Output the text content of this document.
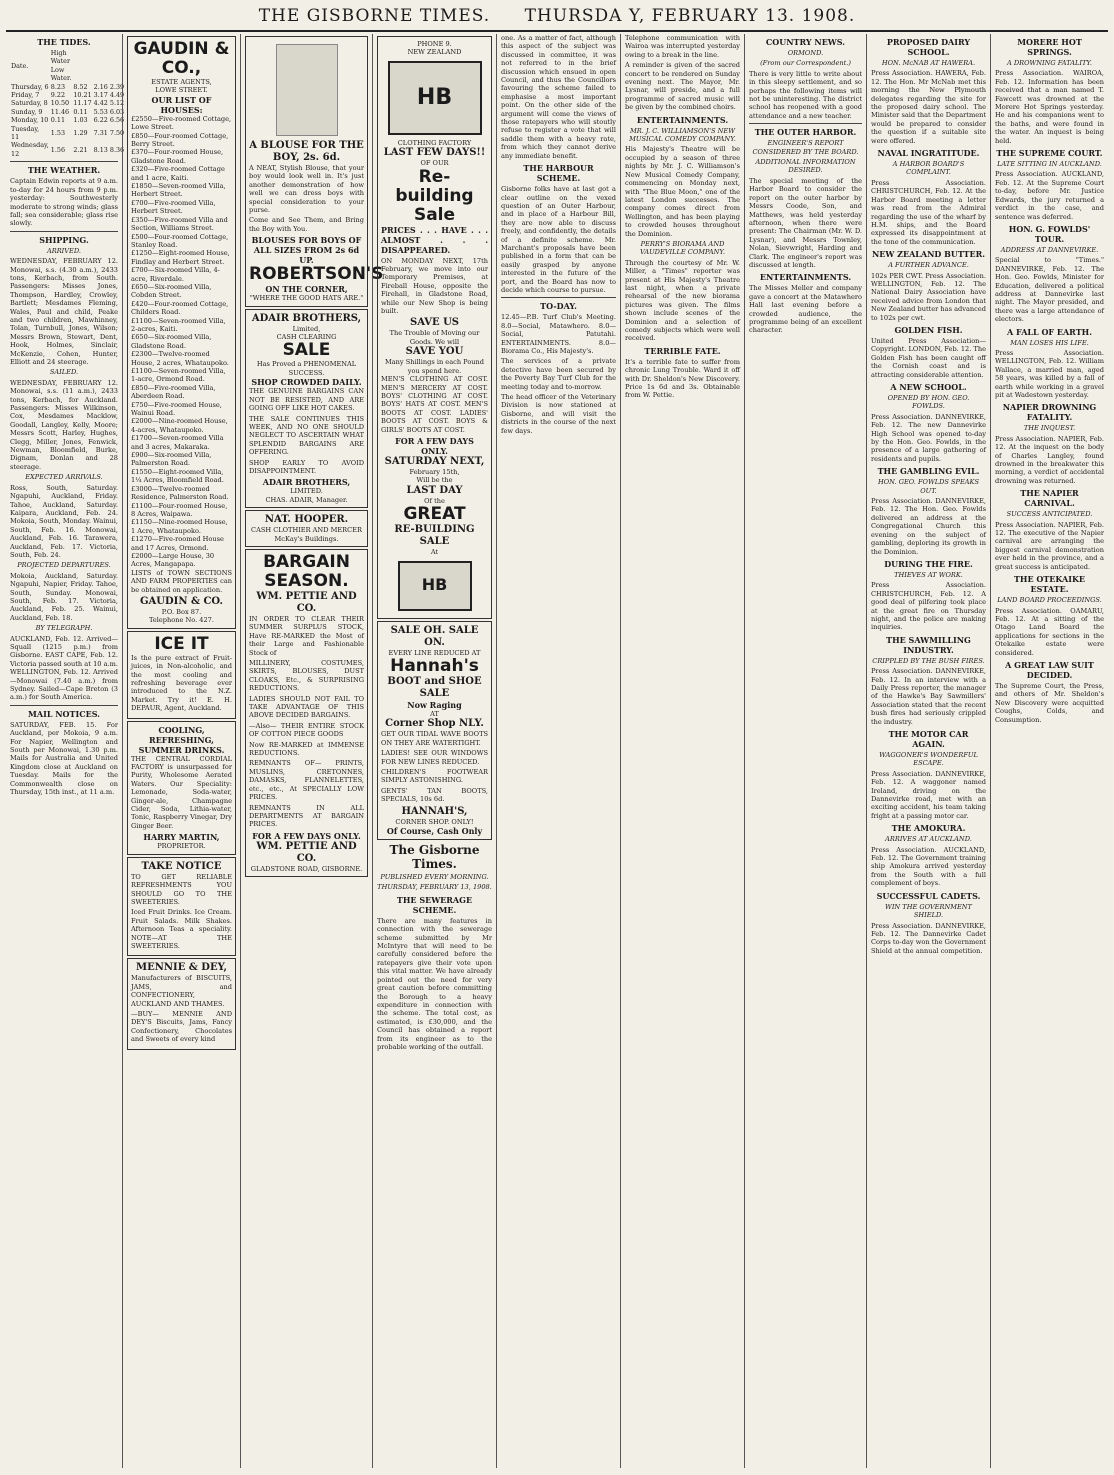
THE GISBORNE TIMES. THURSDA Y, FEBRUARY 13. 1908.
THE TIDES.
Date.	High Water Low Water.			
Thursday, 6	8.23	8.52	2.16	2.39
Friday, 7	9.22	10.21	3.17	4.49
Saturday, 8	10.50	11.17	4.42	5.12
Sunday, 9	11.46	0.11	5.53	6.03
Monday, 10	0.11	1.03	6.22	6.56
Tuesday, 11	1.53	1.29	7.31	7.50
Wednesday, 12	1.56	2.21	8.13	8.36
THE WEATHER.

Captain Edwin reports at 9 a.m. to-day for 24 hours from 9 p.m. yesterday: Southwesterly moderate to strong winds; glass fall; sea considerable; glass rise slowly.

SHIPPING.
ARRIVED.

WEDNESDAY, FEBRUARY 12. Monowai, s.s. (4.30 a.m.), 2433 tons, Kerbach, from South. Passengers: Misses Jones, Thompson, Hardley, Crowley, Bartlett; Mesdames Fleming, Wales, Paul and child, Peake and two children, Mawhinney, Tolan, Turnbull, Jones, Wilson; Messrs Brown, Stewart, Dent, Hook, Holmes, Sinclair, McKenzie, Cohen, Hunter, Elliott and 24 steerage.

SAILED.

WEDNESDAY, FEBRUARY 12. Monowai, s.s. (11 a.m.), 2433 tons, Kerbach, for Auckland. Passengers: Misses Wilkinson, Cox, Mesdames Macklow, Goodall, Langley, Kelly, Moore; Messrs Scott, Harley, Hughes, Clegg, Miller, Jones, Fenwick, Newman, Bloomfield, Burke, Dignam, Donlan and 28 steerage.

EXPECTED ARRIVALS.

Ross, South, Saturday. Ngapuhi, Auckland, Friday. Tahoe, Auckland, Saturday. Kaipara, Auckland, Feb. 24. Mokoia, South, Monday. Wainui, South, Feb. 16. Monowai, Auckland, Feb. 16. Tarawera, Auckland, Feb. 17. Victoria, South, Feb. 24.

PROJECTED DEPARTURES.

Mokoia, Auckland, Saturday. Ngapuhi, Napier, Friday. Tahoe, South, Sunday. Monowai, South, Feb. 17. Victoria, Auckland, Feb. 25. Wainui, Auckland, Feb. 18.

BY TELEGRAPH.

AUCKLAND, Feb. 12. Arrived—Squall (1215 p.m.) from Gisborne. EAST CAPE, Feb. 12. Victoria passed south at 10 a.m. WELLINGTON, Feb. 12. Arrived—Monowai (7.40 a.m.) from Sydney. Sailed—Cape Breton (3 a.m.) for South America.

MAIL NOTICES.

SATURDAY, FEB. 15. For Auckland, per Mokoia, 9 a.m. For Napier, Wellington and South per Monowai, 1.30 p.m. Mails for Australia and United Kingdom close at Auckland on Tuesday. Mails for the Commonwealth close on Thursday, 15th inst., at 11 a.m.

GAUDIN & CO.,
ESTATE AGENTS,
LOWE STREET.
OUR LIST OF HOUSES:
£2550—Five-roomed Cottage, Lowe Street.
£850—Four-roomed Cottage, Berry Street.
£370—Four-roomed House, Gladstone Road.
£320—Five-roomed Cottage and 1 acre, Kaiti.
£1850—Seven-roomed Villa, Herbert Street.
£700—Five-roomed Villa, Herbert Street.
£350—Five-roomed Villa and Section, Williams Street.
£500—Four-roomed Cottage, Stanley Road.
£1250—Eight-roomed House, Findlay and Herbert Street.
£700—Six-roomed Villa, 4-acre, Riverdale.
£650—Six-roomed Villa, Cobden Street.
£420—Four-roomed Cottage, Childers Road.
£1100—Seven-roomed Villa, 2-acres, Kaiti.
£650—Six-roomed Villa, Gladstone Road.
£2300—Twelve-roomed House, 2 acres, Whataupoko.
£1100—Seven-roomed Villa, 1-acre, Ormond Road.
£850—Five-roomed Villa, Aberdeen Road.
£750—Five-roomed House, Wainui Road.
£2000—Nine-roomed House, 4-acres, Whataupoko.
£1700—Seven-roomed Villa and 3 acres, Makaraka.
£900—Six-roomed Villa, Palmerston Road.
£1550—Eight-roomed Villa, 1¼ Acres, Bloomfield Road.
£3000—Twelve-roomed Residence, Palmerston Road.
£1100—Four-roomed House, 8 Acres, Waipawa.
£1150—Nine-roomed House, 1 Acre, Whataupoko.
£1270—Five-roomed House and 17 Acres, Ormond.
£2000—Large House, 30 Acres, Mangapapa.

LISTS of TOWN SECTIONS AND FARM PROPERTIES can be obtained on application.

GAUDIN & CO.
P.O. Box 87.
Telephone No. 427.
ICE IT

Is the pure extract of Fruit-juices, in Non-alcoholic, and the most cooling and refreshing beverage ever introduced to the N.Z. Market. Try it! E. H. DEPAUR, Agent, Auckland.

COOLING, REFRESHING, SUMMER DRINKS.

THE CENTRAL CORDIAL FACTORY is unsurpassed for Purity, Wholesome Aerated Waters. Our Speciality: Lemonade, Soda-water, Ginger-ale, Champagne Cider, Soda, Lithia-water, Tonic, Raspberry Vinegar, Dry Ginger Beer.

HARRY MARTIN,
PROPRIETOR.
TAKE NOTICE

TO GET RELIABLE REFRESHMENTS YOU SHOULD GO TO THE SWEETERIES.

Iced Fruit Drinks. Ice Cream. Fruit Salads. Milk Shakes. Afternoon Teas a speciality. NOTE—AT THE SWEETERIES.

MENNIE & DEY,

Manufacturers of BISCUITS, JAMS, and CONFECTIONERY, AUCKLAND AND THAMES.

—BUY— MENNIE AND DEY'S Biscuits, Jams, Fancy Confectionery, Chocolates and Sweets of every kind

A BLOUSE FOR THE BOY, 2s. 6d.

A NEAT, Stylish Blouse, that your boy would look well in. It's just another demonstration of how well we can dress boys with special consideration to your purse.

Come and See Them, and Bring the Boy with You.

BLOUSES FOR BOYS OF ALL SIZES FROM 2s 6d UP.
ROBERTSON'S
ON THE CORNER,
"WHERE THE GOOD HATS ARE."
ADAIR BROTHERS,
Limited,
CASH CLEARING
SALE
Has Proved a PHENOMENAL SUCCESS.
SHOP CROWDED DAILY.

THE GENUINE BARGAINS CAN NOT BE RESISTED, AND ARE GOING OFF LIKE HOT CAKES.

THE SALE CONTINUES THIS WEEK, AND NO ONE SHOULD NEGLECT TO ASCERTAIN WHAT SPLENDID BARGAINS ARE OFFERING.

SHOP EARLY TO AVOID DISAPPOINTMENT.

ADAIR BROTHERS,
LIMITED.
CHAS. ADAIR, Manager.
NAT. HOOPER.
CASH CLOTHIER AND MERCER McKay's Buildings.
BARGAIN SEASON.
WM. PETTIE AND CO.

IN ORDER TO CLEAR THEIR SUMMER SURPLUS STOCK, Have RE-MARKED the Most of their Large and Fashionable Stock of

MILLINERY, COSTUMES, SKIRTS, BLOUSES, DUST CLOAKS, Etc., & SURPRISING REDUCTIONS.

LADIES SHOULD NOT FAIL TO TAKE ADVANTAGE OF THIS ABOVE DECIDED BARGAINS.

—Also— THEIR ENTIRE STOCK OF COTTON PIECE GOODS

Now RE-MARKED at IMMENSE REDUCTIONS.

REMNANTS OF— PRINTS, MUSLINS, CRETONNES, DAMASKS, FLANNELETTES, etc., etc., At SPECIALLY LOW PRICES.

REMNANTS IN ALL DEPARTMENTS AT BARGAIN PRICES.

FOR A FEW DAYS ONLY.
WM. PETTIE AND CO.
GLADSTONE ROAD, GISBORNE.
PHONE 9.
NEW ZEALAND
HB
CLOTHING FACTORY
LAST FEW DAYS!!
OF OUR
Re-building
Sale

PRICES . . . HAVE . . . ALMOST . . . DISAPPEARED.

ON MONDAY NEXT, 17th February, we move into our Temporary Premises, at Fireball House, opposite the Firehall, in Gladstone Road, while our New Shop is being built.

SAVE US
The Trouble of Moving our Goods. We will
SAVE YOU
Many Shillings in each Pound you spend here.

MEN'S CLOTHING AT COST. MEN'S MERCERY AT COST. BOYS' CLOTHING AT COST. BOYS' HATS AT COST. MEN'S BOOTS AT COST. LADIES' BOOTS AT COST. BOYS & GIRLS' BOOTS AT COST.

FOR A FEW DAYS ONLY.
SATURDAY NEXT,
February 15th,
Will be the
LAST DAY
Of the
GREAT
RE-BUILDING SALE
At
HB
SALE OH. SALE ON.
EVERY LINE REDUCED AT
Hannah's
BOOT and SHOE SALE
Now Raging
AT
Corner Shop NLY.

GET OUR TIDAL WAVE BOOTS ON THEY ARE WATERTIGHT.

LADIES! SEE OUR WINDOWS FOR NEW LINES REDUCED.

CHILDREN'S FOOTWEAR SIMPLY ASTONISHING.

GENTS' TAN BOOTS, SPECIALS, 10s 6d.

HANNAH'S,
CORNER SHOP. ONLY!
Of Course, Cash Only
The Gisborne Times.
PUBLISHED EVERY MORNING.
THURSDAY, FEBRUARY 13, 1908.
THE SEWERAGE SCHEME.

There are many features in connection with the sewerage scheme submitted by Mr McIntyre that will need to be carefully considered before the ratepayers give their vote upon this vital matter. We have already pointed out the need for very great caution before committing the Borough to a heavy expenditure in connection with the scheme. The total cost, as estimated, is £30,000, and the Council has obtained a report from its engineer as to the probable working of the outfall.

one. As a matter of fact, although this aspect of the subject was discussed in committee, it was not referred to in the brief discussion which ensued in open Council, and thus the Councillors favouring the scheme failed to emphasise a most important point. On the other side of the argument will come the views of those ratepayers who will stoutly refuse to register a vote that will saddle them with a heavy rate, from which they cannot derive any immediate benefit.

THE HARBOUR SCHEME.

Gisborne folks have at last got a clear outline on the vexed question of an Outer Harbour, and in place of a Harbour Bill, they are now able to discuss freely, and confidently, the details of a definite scheme. Mr. Marchant's proposals have been published in a form that can be easily grasped by anyone interested in the future of the port, and the Board has now to decide which course to pursue.

TO-DAY.

12.45—P.B. Turf Club's Meeting. 8.0—Social, Matawhero. 8.0—Social, Patutahi. ENTERTAINMENTS. 8.0—Biorama Co., His Majesty's.

The services of a private detective have been secured by the Poverty Bay Turf Club for the meeting today and to-morrow.

The head officer of the Veterinary Division is now stationed at Gisborne, and will visit the districts in the course of the next few days.

Telephone communication with Wairoa was interrupted yesterday owing to a break in the line.

A reminder is given of the sacred concert to be rendered on Sunday evening next. The Mayor, Mr. Lysnar, will preside, and a full programme of sacred music will be given by the combined choirs.

ENTERTAINMENTS.
MR. J. C. WILLIAMSON'S NEW MUSICAL COMEDY COMPANY.

His Majesty's Theatre will be occupied by a season of three nights by Mr. J. C. Williamson's New Musical Comedy Company, commencing on Monday next, with "The Blue Moon," one of the latest London successes. The company comes direct from Wellington, and has been playing to crowded houses throughout the Dominion.

PERRY'S BIORAMA AND VAUDEVILLE COMPANY.

Through the courtesy of Mr. W. Miller, a "Times" reporter was present at His Majesty's Theatre last night, when a private rehearsal of the new biorama pictures was given. The films shown include scenes of the Dominion and a selection of comedy subjects which were well received.

TERRIBLE FATE.

It's a terrible fate to suffer from chronic Lung Trouble. Ward it off with Dr. Sheldon's New Discovery. Price 1s 6d and 3s. Obtainable from W. Pettie.

COUNTRY NEWS.
ORMOND.
(From our Correspondent.)

There is very little to write about in this sleepy settlement, and so perhaps the following items will not be uninteresting. The district school has reopened with a good attendance and a new teacher.

THE OUTER HARBOR.
ENGINEER'S REPORT CONSIDERED BY THE BOARD.
ADDITIONAL INFORMATION DESIRED.

The special meeting of the Harbor Board to consider the report on the outer harbor by Messrs Coode, Son, and Matthews, was held yesterday afternoon, when there were present: The Chairman (Mr. W. D. Lysnar), and Messrs Townley, Nolan, Sievwright, Harding and Clark. The engineer's report was discussed at length.

ENTERTAINMENTS.

The Misses Meller and company gave a concert at the Matawhero Hall last evening before a crowded audience, the programme being of an excellent character.

PROPOSED DAIRY SCHOOL.
HON. McNAB AT HAWERA.

Press Association. HAWERA, Feb. 12. The Hon. Mr McNab met this morning the New Plymouth delegates regarding the site for the proposed dairy school. The Minister said that the Department would be prepared to consider the question if a suitable site were offered.

NAVAL INGRATITUDE.
A HARBOR BOARD'S COMPLAINT.

Press Association. CHRISTCHURCH, Feb. 12. At the Harbor Board meeting a letter was read from the Admiral regarding the use of the wharf by H.M. ships, and the Board expressed its disappointment at the tone of the communication.

NEW ZEALAND BUTTER.
A FURTHER ADVANCE.

102s PER CWT. Press Association. WELLINGTON, Feb. 12. The National Dairy Association have received advice from London that New Zealand butter has advanced to 102s per cwt.

GOLDEN FISH.

United Press Association—Copyright. LONDON, Feb. 12. The Golden Fish has been caught off the Cornish coast and is attracting considerable attention.

A NEW SCHOOL.
OPENED BY HON. GEO. FOWLDS.

Press Association. DANNEVIRKE, Feb. 12. The new Dannevirke High School was opened to-day by the Hon. Geo. Fowlds, in the presence of a large gathering of residents and pupils.

THE GAMBLING EVIL.
HON. GEO. FOWLDS SPEAKS OUT.

Press Association. DANNEVIRKE, Feb. 12. The Hon. Geo. Fowlds delivered an address at the Congregational Church this evening on the subject of gambling, deploring its growth in the Dominion.

DURING THE FIRE.
THIEVES AT WORK.

Press Association. CHRISTCHURCH, Feb. 12. A good deal of pilfering took place at the great fire on Thursday night, and the police are making inquiries.

THE SAWMILLING INDUSTRY.
CRIPPLED BY THE BUSH FIRES.

Press Association. DANNEVIRKE, Feb. 12. In an interview with a Daily Press reporter, the manager of the Hawke's Bay Sawmillers' Association stated that the recent bush fires had seriously crippled the industry.

THE MOTOR CAR AGAIN.
WAGGONER'S WONDERFUL ESCAPE.

Press Association. DANNEVIRKE, Feb. 12. A waggoner named Ireland, driving on the Dannevirke road, met with an exciting accident, his team taking fright at a passing motor car.

THE AMOKURA.
ARRIVES AT AUCKLAND.

Press Association. AUCKLAND, Feb. 12. The Government training ship Amokura arrived yesterday from the South with a full complement of boys.

SUCCESSFUL CADETS.
WIN THE GOVERNMENT SHIELD.

Press Association. DANNEVIRKE, Feb. 12. The Dannevirke Cadet Corps to-day won the Government Shield at the annual competition.

MORERE HOT SPRINGS.
A DROWNING FATALITY.

Press Association. WAIROA, Feb. 12. Information has been received that a man named T. Fawcett was drowned at the Morere Hot Springs yesterday. He and his companions went to the baths, and were found in the water. An inquest is being held.

THE SUPREME COURT.
LATE SITTING IN AUCKLAND.

Press Association. AUCKLAND, Feb. 12. At the Supreme Court to-day, before Mr. Justice Edwards, the jury returned a verdict in the case, and sentence was deferred.

HON. G. FOWLDS' TOUR.
ADDRESS AT DANNEVIRKE.

Special to "Times." DANNEVIRKE, Feb. 12. The Hon. Geo. Fowlds, Minister for Education, delivered a political address at Dannevirke last night. The Mayor presided, and there was a large attendance of electors.

A FALL OF EARTH.
MAN LOSES HIS LIFE.

Press Association. WELLINGTON, Feb. 12. William Wallace, a married man, aged 58 years, was killed by a fall of earth while working in a gravel pit at Wadestown yesterday.

NAPIER DROWNING FATALITY.
THE INQUEST.

Press Association. NAPIER, Feb. 12. At the inquest on the body of Charles Langley, found drowned in the breakwater this morning, a verdict of accidental drowning was returned.

THE NAPIER CARNIVAL.
SUCCESS ANTICIPATED.

Press Association. NAPIER, Feb. 12. The executive of the Napier carnival are arranging the biggest carnival demonstration ever held in the province, and a great success is anticipated.

THE OTEKAIKE ESTATE.
LAND BOARD PROCEEDINGS.

Press Association. OAMARU, Feb. 12. At a sitting of the Otago Land Board the applications for sections in the Otekaike estate were considered.

A GREAT LAW SUIT DECIDED.

The Supreme Court, the Press, and others of Mr. Sheldon's New Discovery were acquitted Coughs, Colds, and Consumption.
